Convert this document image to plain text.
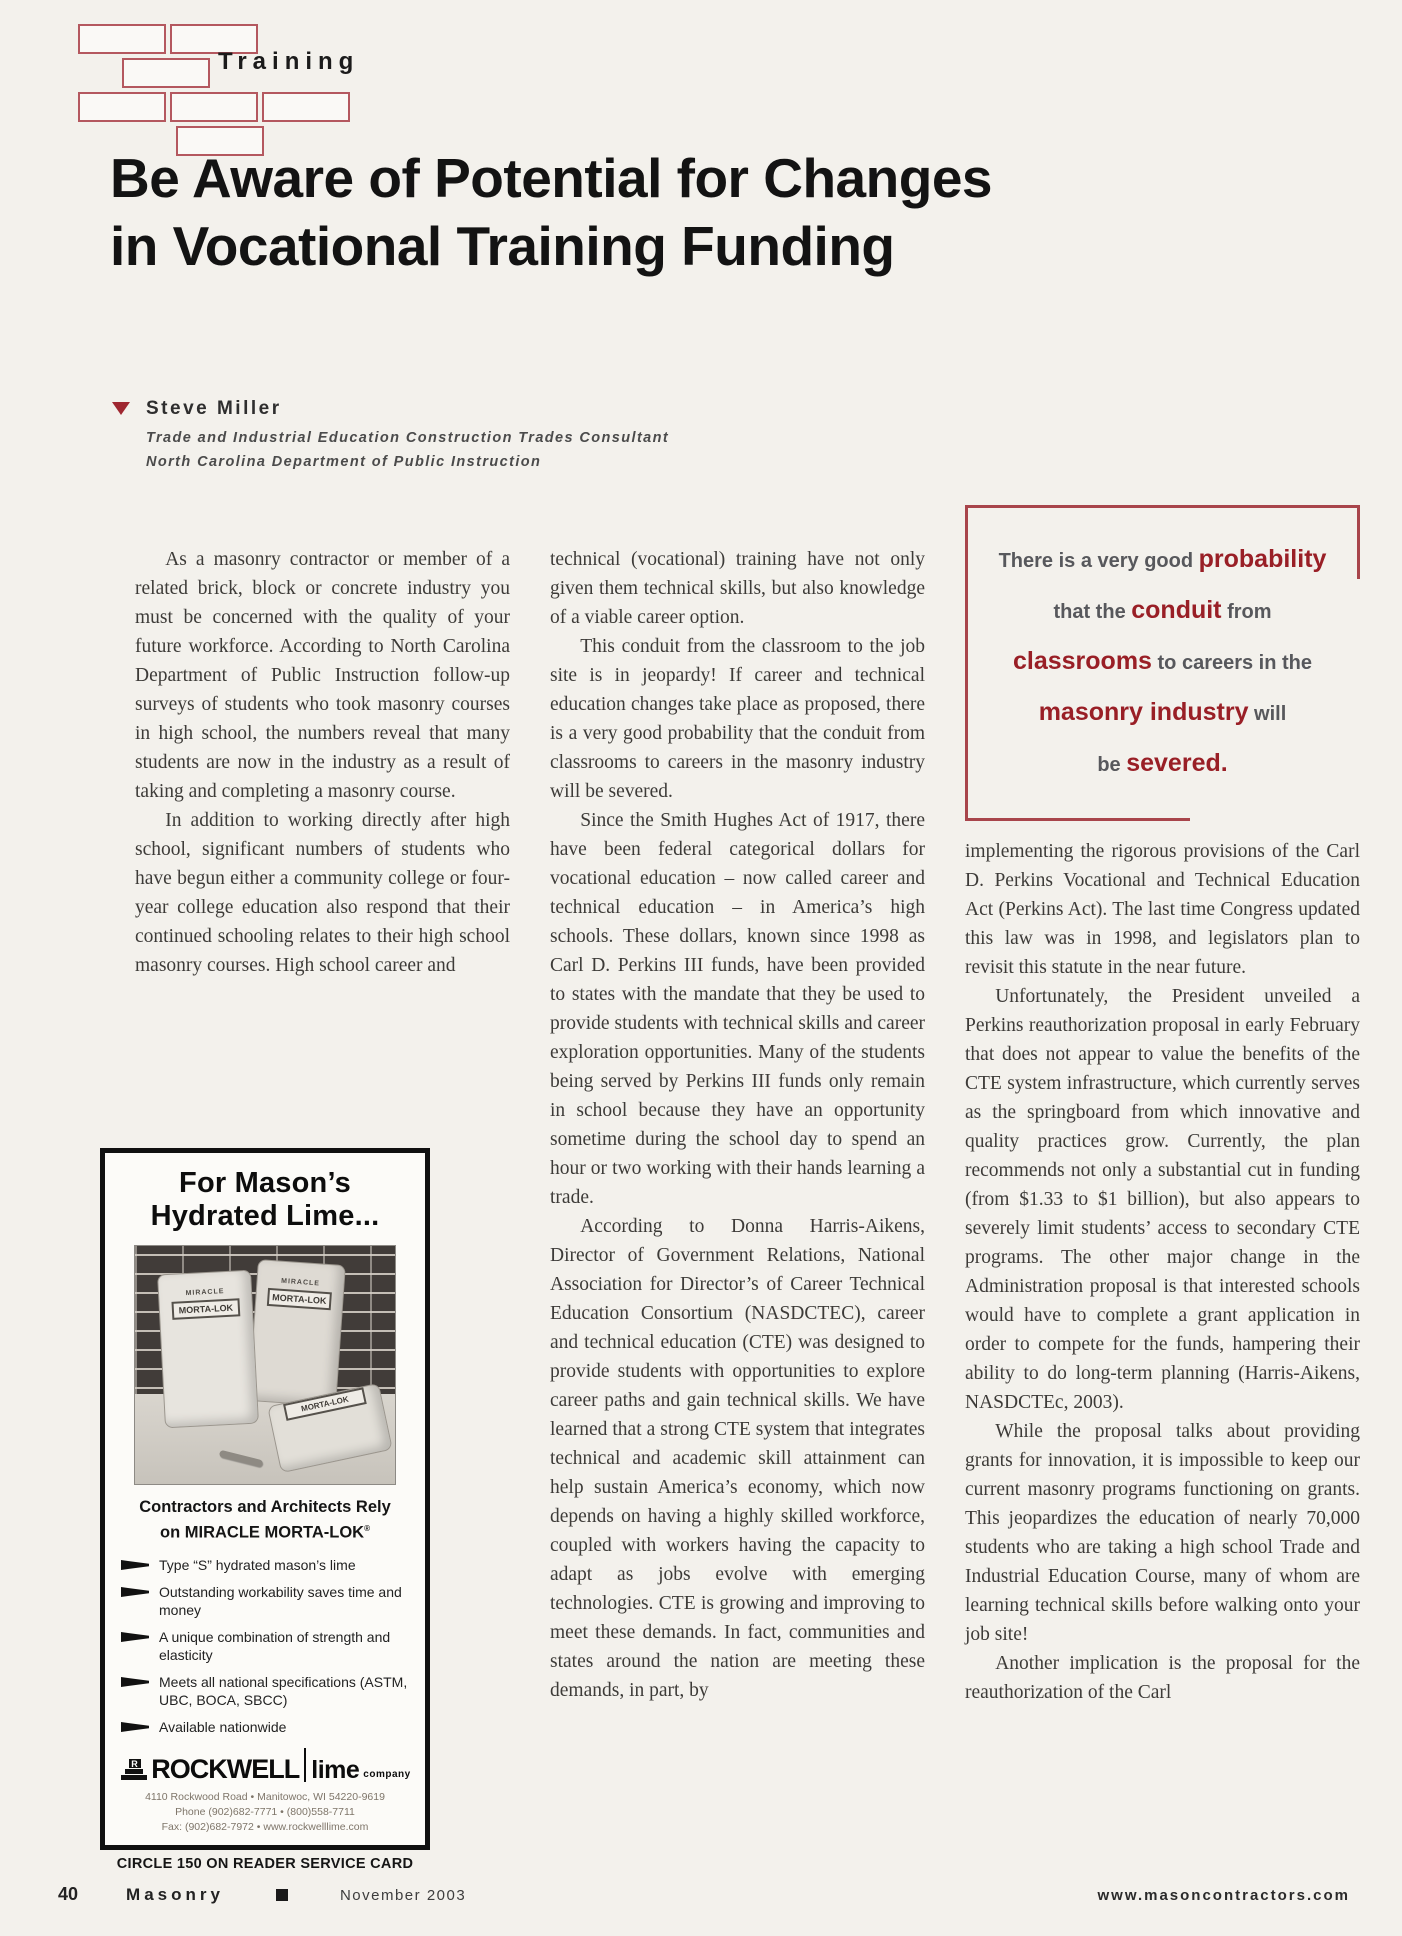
Training
Be Aware of Potential for Changes
in Vocational Training Funding
Steve Miller
Trade and Industrial Education Construction Trades Consultant
North Carolina Department of Public Instruction

As a masonry contractor or member of a related brick, block or concrete industry you must be concerned with the quality of your future workforce. According to North Carolina Department of Public Instruction follow-up surveys of students who took masonry courses in high school, the numbers reveal that many students are now in the industry as a result of taking and completing a masonry course.

In addition to working directly after high school, significant numbers of students who have begun either a community college or four-year college education also respond that their continued schooling relates to their high school masonry courses. High school career and

technical (vocational) training have not only given them technical skills, but also knowledge of a viable career option.

This conduit from the classroom to the job site is in jeopardy! If career and technical education changes take place as proposed, there is a very good probability that the conduit from classrooms to careers in the masonry industry will be severed.

Since the Smith Hughes Act of 1917, there have been federal categorical dollars for vocational education – now called career and technical education – in America’s high schools. These dollars, known since 1998 as Carl D. Perkins III funds, have been provided to states with the mandate that they be used to provide students with technical skills and career exploration opportunities. Many of the students being served by Perkins III funds only remain in school because they have an opportunity sometime during the school day to spend an hour or two working with their hands learning a trade.

According to Donna Harris-Aikens, Director of Government Relations, National Association for Director’s of Career Technical Education Consortium (NASDCTEC), career and technical education (CTE) was designed to provide students with opportunities to explore career paths and gain technical skills. We have learned that a strong CTE system that integrates technical and academic skill attainment can help sustain America’s economy, which now depends on having a highly skilled workforce, coupled with workers having the capacity to adapt as jobs evolve with emerging technologies. CTE is growing and improving to meet these demands. In fact, communities and states around the nation are meeting these demands, in part, by

There is a very good probability
that the conduit from
classrooms to careers in the
masonry industry will
be severed.

implementing the rigorous provisions of the Carl D. Perkins Vocational and Technical Education Act (Perkins Act). The last time Congress updated this law was in 1998, and legislators plan to revisit this statute in the near future.

Unfortunately, the President unveiled a Perkins reauthorization proposal in early February that does not appear to value the benefits of the CTE system infrastructure, which currently serves as the springboard from which innovative and quality practices grow. Currently, the plan recommends not only a substantial cut in funding (from $1.33 to $1 billion), but also appears to severely limit students’ access to secondary CTE programs. The other major change in the Administration proposal is that interested schools would have to complete a grant application in order to compete for the funds, hampering their ability to do long-term planning (Harris-Aikens, NASDCTEc, 2003).

While the proposal talks about providing grants for innovation, it is impossible to keep our current masonry programs functioning on grants. This jeopardizes the education of nearly 70,000 students who are taking a high school Trade and Industrial Education Course, many of whom are learning technical skills before walking onto your job site!

Another implication is the proposal for the reauthorization of the Carl

For Mason’s
Hydrated Lime...
MIRACLE
MORTA-LOK
MIRACLE
MORTA-LOK
MORTA-LOK
Contractors and Architects Rely
on MIRACLE MORTA-LOK®
Type “S” hydrated mason’s lime
Outstanding workability saves time and money
A unique combination of strength and elasticity
Meets all national specifications (ASTM, UBC, BOCA, SBCC)
Available nationwide
R ROCKWELL lime company
4110 Rockwood Road • Manitowoc, WI 54220-9619
Phone (902)682-7771 • (800)558-7711
Fax: (902)682-7972 • www.rockwelllime.com
CIRCLE 150 ON READER SERVICE CARD
40	Masonry	November 2003	www.masoncontractors.com
